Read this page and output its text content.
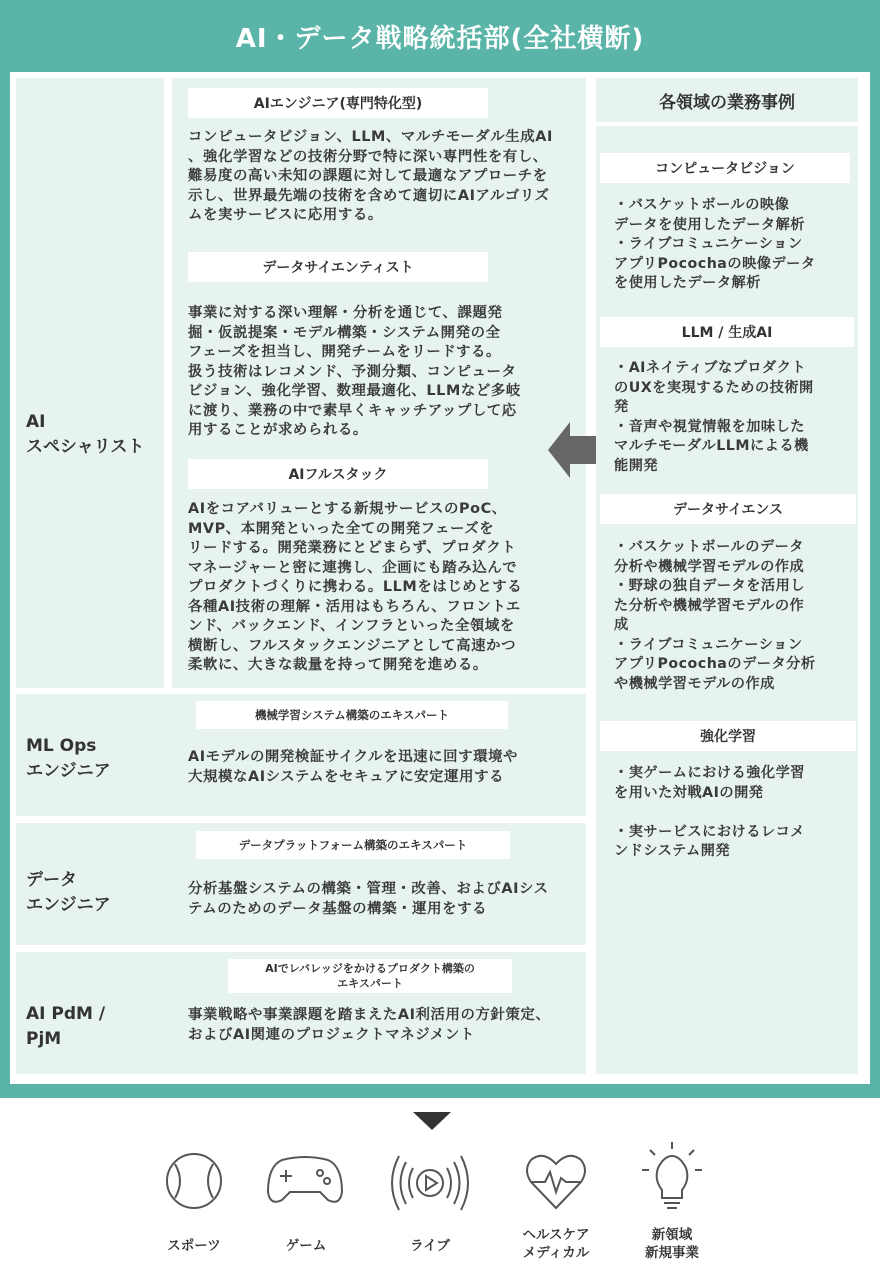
AI・データ戦略統括部(全社横断)
AI
スペシャリスト
AIエンジニア(専門特化型)
コンピュータビジョン、LLM、マルチモーダル生成AI
、強化学習などの技術分野で特に深い専門性を有し、
難易度の高い未知の課題に対して最適なアプローチを
示し、世界最先端の技術を含めて適切にAIアルゴリズ
ムを実サービスに応用する。
データサイエンティスト
事業に対する深い理解・分析を通じて、課題発
掘・仮説提案・モデル構築・システム開発の全
フェーズを担当し、開発チームをリードする。
扱う技術はレコメンド、予測分類、コンピュータ
ビジョン、強化学習、数理最適化、LLMなど多岐
に渡り、業務の中で素早くキャッチアップして応
用することが求められる。
AIフルスタック
AIをコアバリューとする新規サービスのPoC、
MVP、本開発といった全ての開発フェーズを
リードする。開発業務にとどまらず、プロダクト
マネージャーと密に連携し、企画にも踏み込んで
プロダクトづくりに携わる。LLMをはじめとする
各種AI技術の理解・活用はもちろん、フロントエ
ンド、バックエンド、インフラといった全領域を
横断し、フルスタックエンジニアとして高速かつ
柔軟に、大きな裁量を持って開発を進める。
ML Ops
エンジニア
機械学習システム構築のエキスパート
AIモデルの開発検証サイクルを迅速に回す環境や
大規模なAIシステムをセキュアに安定運用する
データ
エンジニア
データプラットフォーム構築のエキスパート
分析基盤システムの構築・管理・改善、およびAIシス
テムのためのデータ基盤の構築・運用をする
AI PdM /
PjM
AIでレバレッジをかけるプロダクト構築の
エキスパート
事業戦略や事業課題を踏まえたAI利活用の方針策定、
およびAI関連のプロジェクトマネジメント
各領域の業務事例
コンピュータビジョン
・バスケットボールの映像
データを使用したデータ解析
・ライブコミュニケーション
アプリPocochaの映像データ
を使用したデータ解析
LLM / 生成AI
・AIネイティブなプロダクト
のUXを実現するための技術開
発
・音声や視覚情報を加味した
マルチモーダルLLMによる機
能開発
データサイエンス
・バスケットボールのデータ
分析や機械学習モデルの作成
・野球の独自データを活用し
た分析や機械学習モデルの作
成
・ライブコミュニケーション
アプリPocochaのデータ分析
や機械学習モデルの作成
強化学習
・実ゲームにおける強化学習
を用いた対戦AIの開発

・実サービスにおけるレコメ
ンドシステム開発
スポーツ	ゲーム	ライブ
ヘルスケア
メディカル
新領域
新規事業
